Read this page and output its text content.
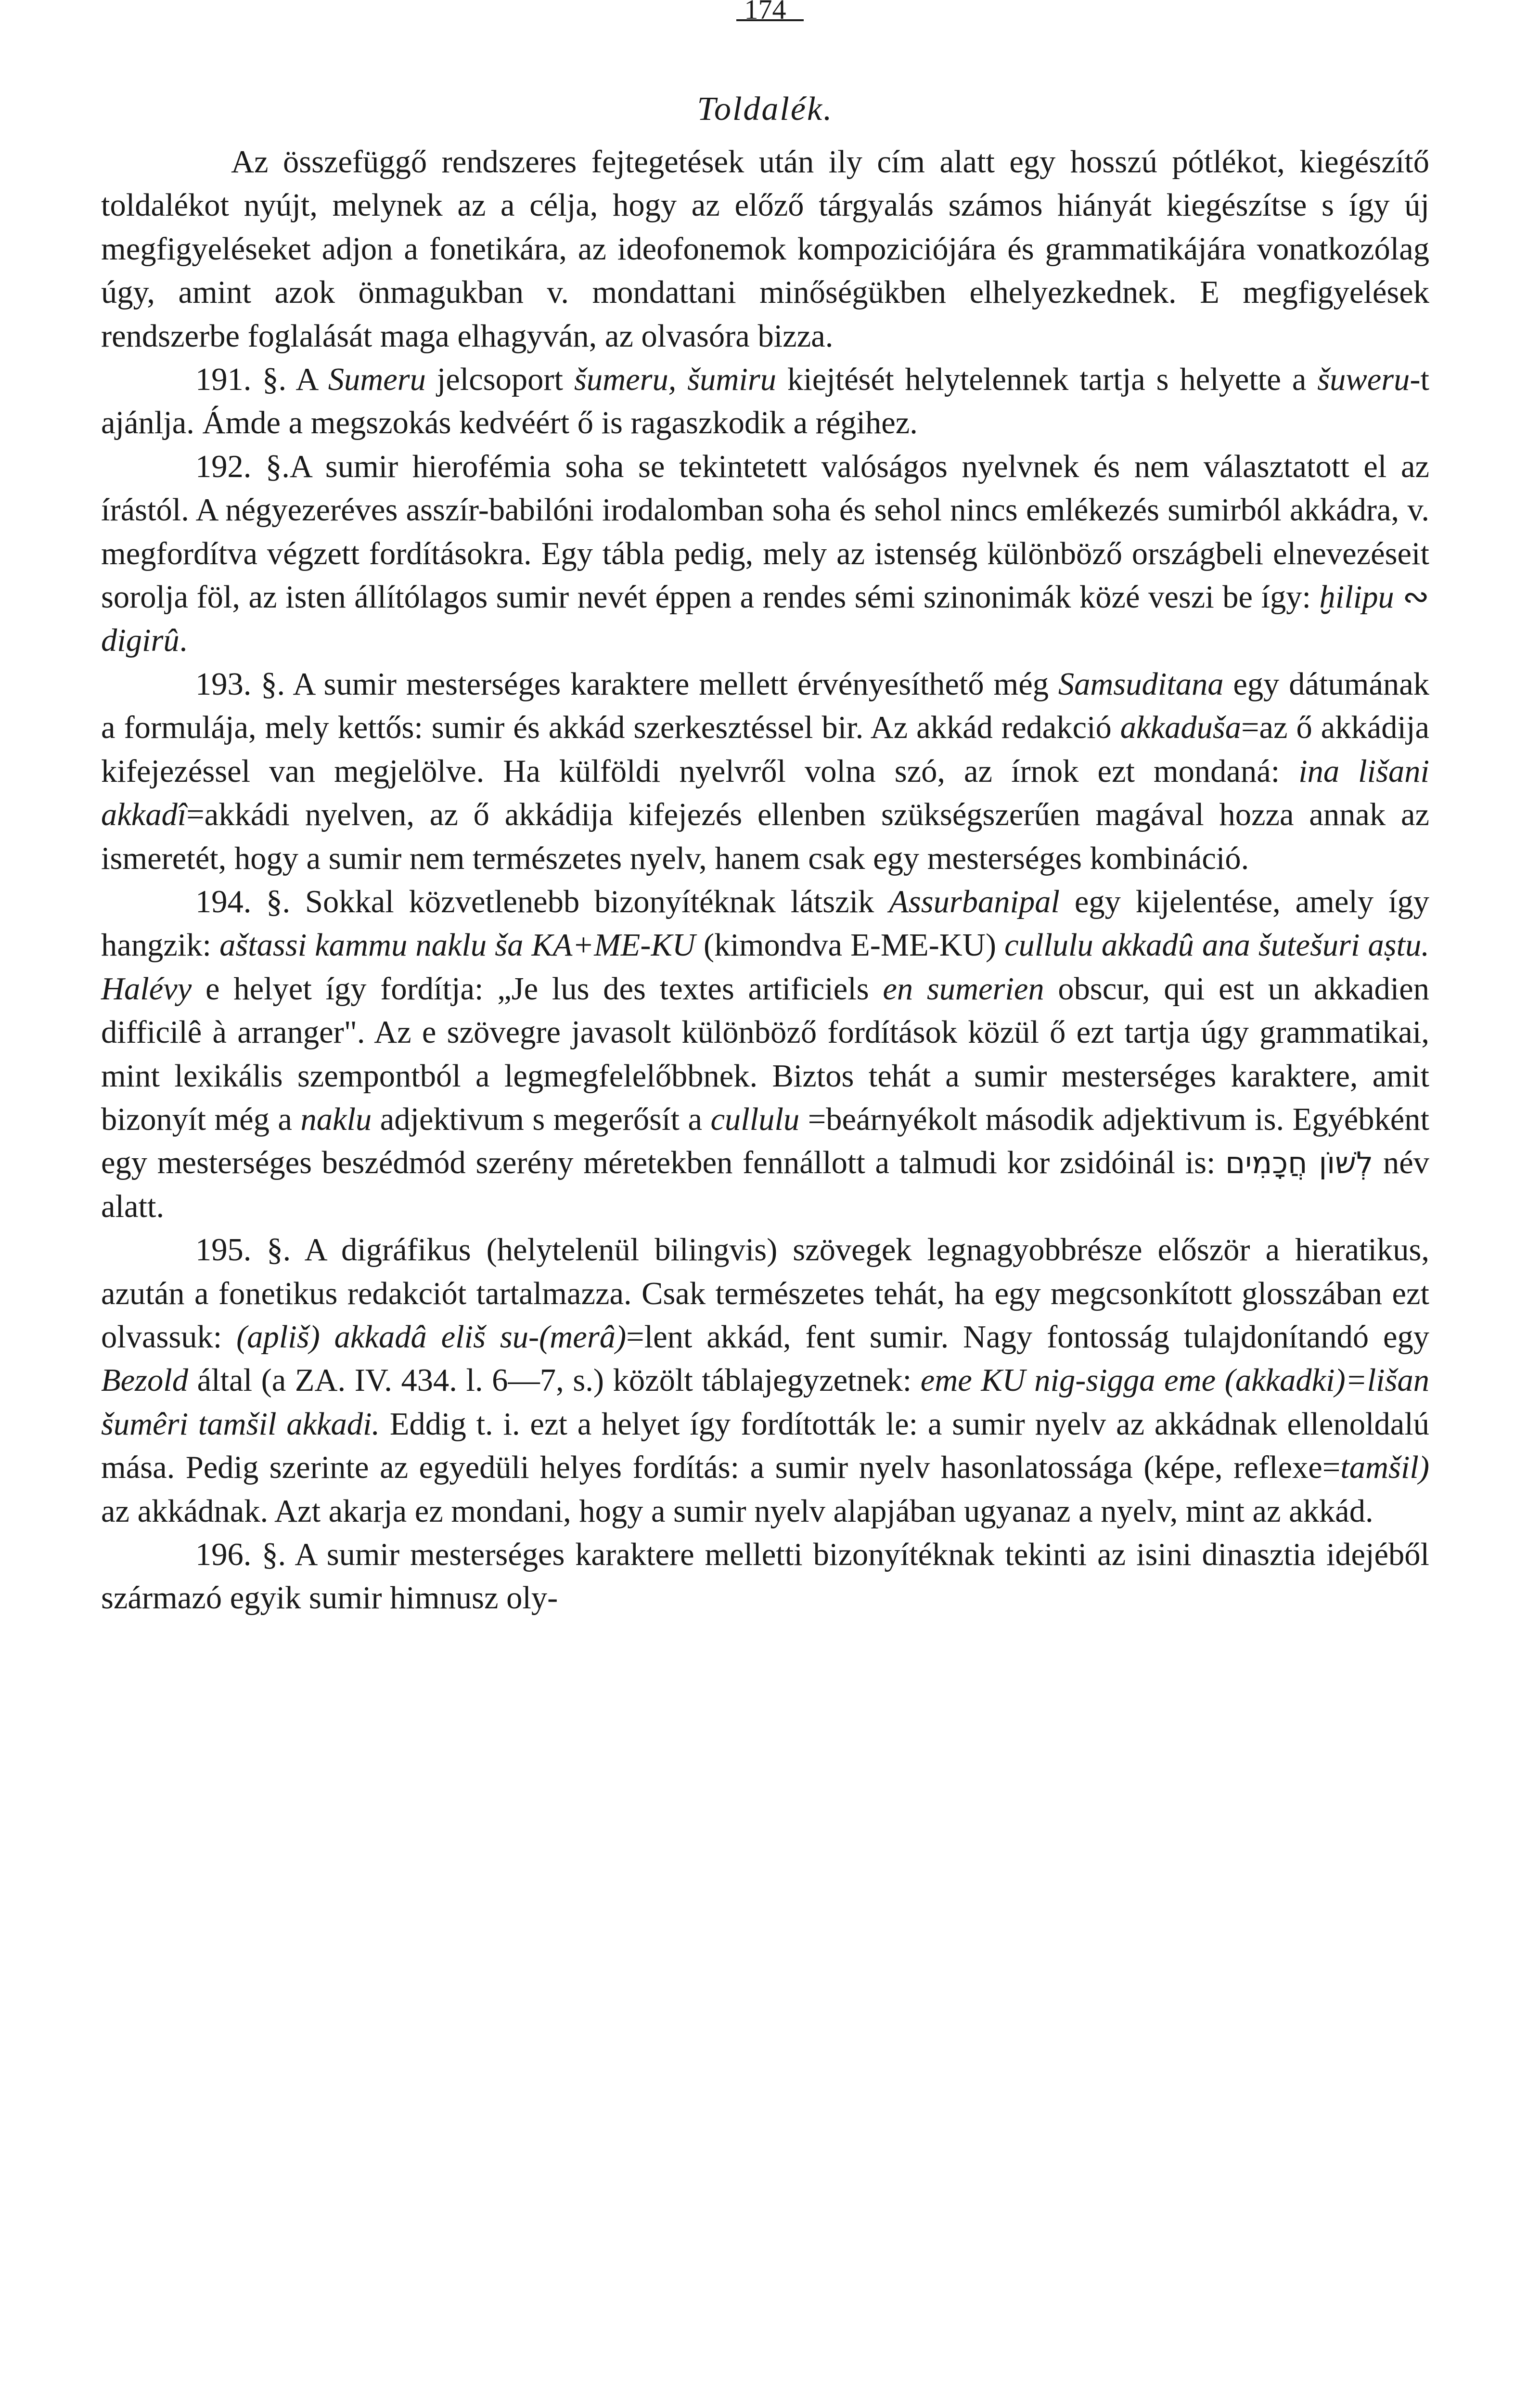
174
Toldalék.

Az összefüggő rendszeres fejtegetések után ily cím alatt egy hosszú pótlékot, kiegészítő toldalékot nyújt, melynek az a célja, hogy az előző tárgyalás számos hiányát kiegészítse s így új megfigyeléseket adjon a fonetikára, az ideofonemok kompoziciójára és grammatikájára vonatkozólag úgy, amint azok önmagukban v. mondattani minőségükben elhelyezkednek. E megfigyelések rendszerbe foglalását maga elhagyván, az olvasóra bizza.

191. §. A Sumeru jelcsoport šumeru, šumiru kiejtését helytelennek tartja s helyette a šuweru-t ajánlja. Ámde a megszokás kedvéért ő is ragaszkodik a régihez.

192. §.A sumir hierofémia soha se tekintetett valóságos nyelvnek és nem választatott el az írástól. A négyezeréves asszír-babilóni irodalomban soha és sehol nincs emlékezés sumirból akkádra, v. megfordítva végzett fordításokra. Egy tábla pedig, mely az istenség különböző országbeli elnevezéseit sorolja föl, az isten állítólagos sumir nevét éppen a rendes sémi szinonimák közé veszi be így: ḫilipu ∾ digirû.

193. §. A sumir mesterséges karaktere mellett érvényesíthető még Samsuditana egy dátumának a formulája, mely kettős: sumir és akkád szerkesztéssel bir. Az akkád redakció akkaduša=az ő akkádija kifejezéssel van megjelölve. Ha külföldi nyelvről volna szó, az írnok ezt mondaná: ina lišani akkadî=akkádi nyelven, az ő akkádija kifejezés ellenben szükségszerűen magával hozza annak az ismeretét, hogy a sumir nem természetes nyelv, hanem csak egy mesterséges kombináció.

194. §. Sokkal közvetlenebb bizonyítéknak látszik Assurbanipal egy kijelentése, amely így hangzik: aštassi kammu naklu ša KA+ME-KU (kimondva E-ME-KU) cullulu akkadû ana šutešuri aṣtu. Halévy e helyet így fordítja: „Je lus des textes artificiels en sumerien obscur, qui est un akkadien difficilê à arranger". Az e szövegre javasolt különböző fordítások közül ő ezt tartja úgy grammatikai, mint lexikális szempontból a legmegfelelőbbnek. Biztos tehát a sumir mesterséges karaktere, amit bizonyít még a naklu adjektivum s megerősít a cullulu =beárnyékolt második adjektivum is. Egyébként egy mesterséges beszédmód szerény méretekben fennállott a talmudi kor zsidóinál is: לְשׁוֹן חֲכָמִים név alatt.

195. §. A digráfikus (helytelenül bilingvis) szövegek legnagyobbrésze először a hieratikus, azután a fonetikus redakciót tartalmazza. Csak természetes tehát, ha egy megcsonkított glosszában ezt olvassuk: (apliš) akkadâ eliš su-(merâ)=lent akkád, fent sumir. Nagy fontosság tulajdonítandó egy Bezold által (a ZA. IV. 434. l. 6—7, s.) közölt táblajegyzetnek: eme KU nig-sigga eme (akkadki)=lišan šumêri tamšil akkadi. Eddig t. i. ezt a helyet így fordították le: a sumir nyelv az akkádnak ellenoldalú mása. Pedig szerinte az egyedüli helyes fordítás: a sumir nyelv hasonlatossága (képe, reflexe=tamšil) az akkádnak. Azt akarja ez mondani, hogy a sumir nyelv alapjában ugyanaz a nyelv, mint az akkád.

196. §. A sumir mesterséges karaktere melletti bizonyítéknak tekinti az isini dinasztia idejéből származó egyik sumir himnusz oly-
